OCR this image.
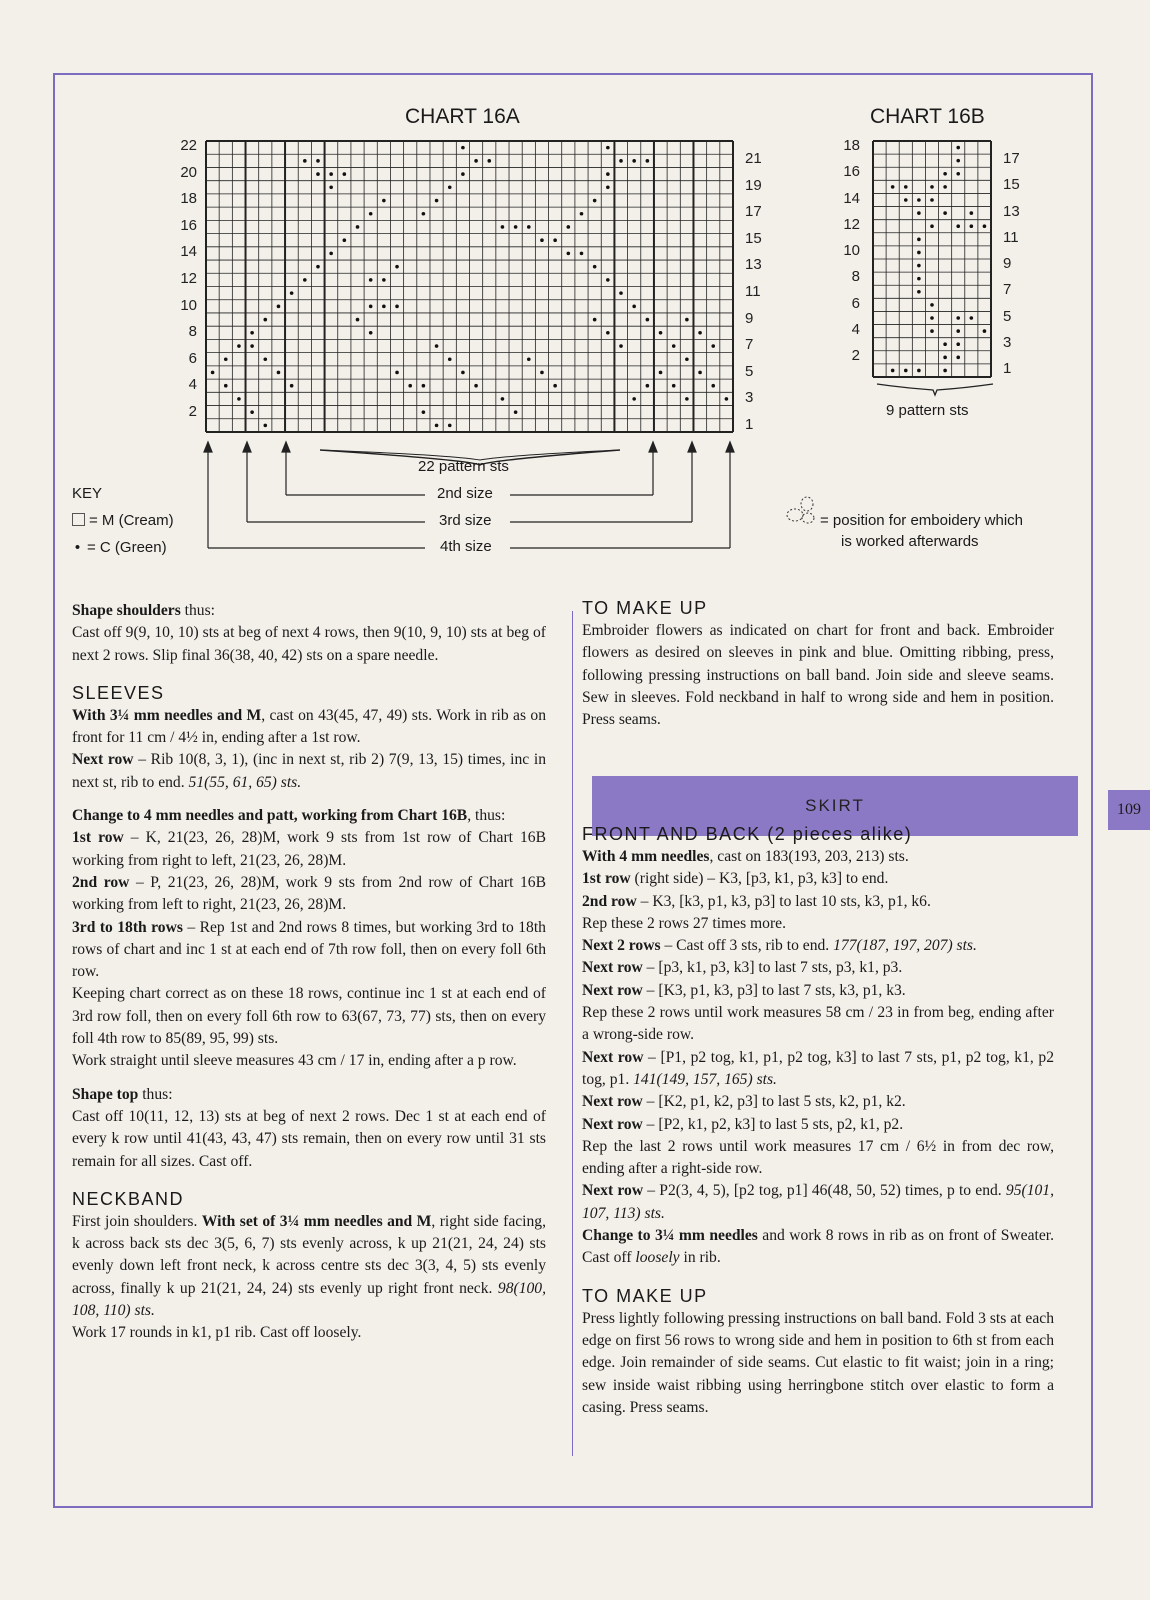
CHART 16A
22
20
18
16
14
12
10
8
6
4
2
21
19
17
15
13
11
9
7
5
3
1
22 pattern sts
2nd size
3rd size
4th size
KEY
= M (Cream)
• = C (Green)
CHART 16B
18
16
14
12
10
8
6
4
2
17
15
13
11
9
7
5
3
1
9 pattern sts
= position for emboidery which
is worked afterwards

Shape shoulders thus:

Cast off 9(9, 10, 10) sts at beg of next 4 rows, then 9(10, 9, 10) sts at beg of next 2 rows. Slip final 36(38, 40, 42) sts on a spare needle.

SLEEVES

With 3¼ mm needles and M, cast on 43(45, 47, 49) sts. Work in rib as on front for 11 cm / 4½ in, ending after a 1st row.

Next row – Rib 10(8, 3, 1), (inc in next st, rib 2) 7(9, 13, 15) times, inc in next st, rib to end. 51(55, 61, 65) sts.

Change to 4 mm needles and patt, working from Chart 16B, thus:

1st row – K, 21(23, 26, 28)M, work 9 sts from 1st row of Chart 16B working from right to left, 21(23, 26, 28)M.

2nd row – P, 21(23, 26, 28)M, work 9 sts from 2nd row of Chart 16B working from left to right, 21(23, 26, 28)M.

3rd to 18th rows – Rep 1st and 2nd rows 8 times, but working 3rd to 18th rows of chart and inc 1 st at each end of 7th row foll, then on every foll 6th row.

Keeping chart correct as on these 18 rows, continue inc 1 st at each end of 3rd row foll, then on every foll 6th row to 63(67, 73, 77) sts, then on every foll 4th row to 85(89, 95, 99) sts.

Work straight until sleeve measures 43 cm / 17 in, ending after a p row.

Shape top thus:

Cast off 10(11, 12, 13) sts at beg of next 2 rows. Dec 1 st at each end of every k row until 41(43, 43, 47) sts remain, then on every row until 31 sts remain for all sizes. Cast off.

NECKBAND

First join shoulders. With set of 3¼ mm needles and M, right side facing, k across back sts dec 3(5, 6, 7) sts evenly across, k up 21(21, 24, 24) sts evenly down left front neck, k across centre sts dec 3(3, 4, 5) sts evenly across, finally k up 21(21, 24, 24) sts evenly up right front neck. 98(100, 108, 110) sts.

Work 17 rounds in k1, p1 rib. Cast off loosely.

TO MAKE UP

Embroider flowers as indicated on chart for front and back. Embroider flowers as desired on sleeves in pink and blue. Omitting ribbing, press, following pressing instructions on ball band. Join side and sleeve seams. Sew in sleeves. Fold neckband in half to wrong side and hem in position. Press seams.

SKIRT
FRONT AND BACK (2 pieces alike)

With 4 mm needles, cast on 183(193, 203, 213) sts.

1st row (right side) – K3, [p3, k1, p3, k3] to end.

2nd row – K3, [k3, p1, k3, p3] to last 10 sts, k3, p1, k6.

Rep these 2 rows 27 times more.

Next 2 rows – Cast off 3 sts, rib to end. 177(187, 197, 207) sts.

Next row – [p3, k1, p3, k3] to last 7 sts, p3, k1, p3.

Next row – [K3, p1, k3, p3] to last 7 sts, k3, p1, k3.

Rep these 2 rows until work measures 58 cm / 23 in from beg, ending after a wrong-side row.

Next row – [P1, p2 tog, k1, p1, p2 tog, k3] to last 7 sts, p1, p2 tog, k1, p2 tog, p1. 141(149, 157, 165) sts.

Next row – [K2, p1, k2, p3] to last 5 sts, k2, p1, k2.

Next row – [P2, k1, p2, k3] to last 5 sts, p2, k1, p2.

Rep the last 2 rows until work measures 17 cm / 6½ in from dec row, ending after a right-side row.

Next row – P2(3, 4, 5), [p2 tog, p1] 46(48, 50, 52) times, p to end. 95(101, 107, 113) sts.

Change to 3¼ mm needles and work 8 rows in rib as on front of Sweater. Cast off loosely in rib.

TO MAKE UP

Press lightly following pressing instructions on ball band. Fold 3 sts at each edge on first 56 rows to wrong side and hem in position to 6th st from each edge. Join remainder of side seams. Cut elastic to fit waist; join in a ring; sew inside waist ribbing using herringbone stitch over elastic to form a casing. Press seams.

109
